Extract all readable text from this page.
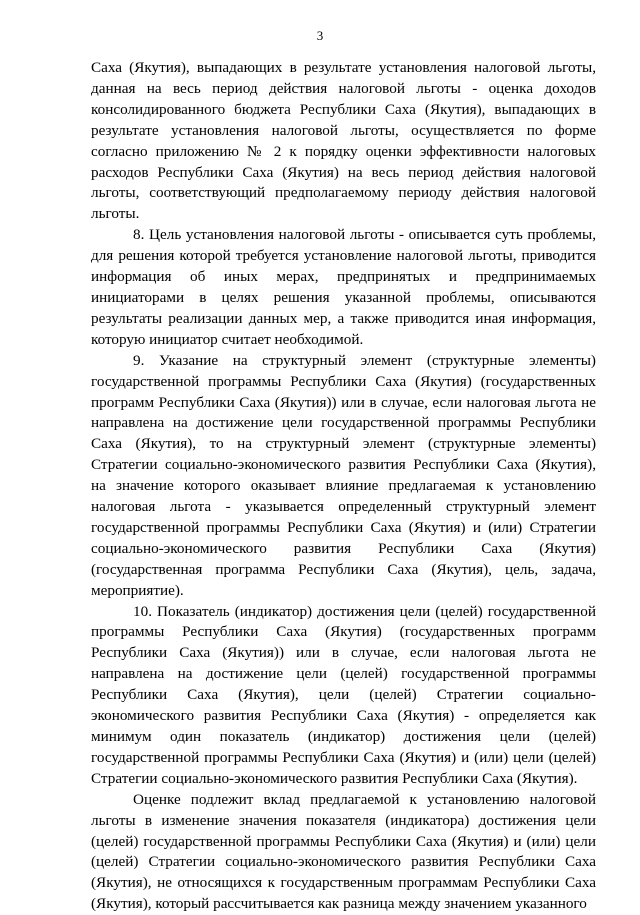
3

Саха (Якутия), выпадающих в результате установления налоговой льготы, данная на весь период действия налоговой льготы - оценка доходов консолидированного бюджета Республики Саха (Якутия), выпадающих в результате установления налоговой льготы, осуществляется по форме согласно приложению № 2 к порядку оценки эффективности налоговых расходов Республики Саха (Якутия) на весь период действия налоговой льготы, соответствующий предполагаемому периоду действия налоговой льготы.

8. Цель установления налоговой льготы - описывается суть проблемы, для решения которой требуется установление налоговой льготы, приводится информация об иных мерах, предпринятых и предпринимаемых инициаторами в целях решения указанной проблемы, описываются результаты реализации данных мер, а также приводится иная информация, которую инициатор считает необходимой.

9. Указание на структурный элемент (структурные элементы) государственной программы Республики Саха (Якутия) (государственных программ Республики Саха (Якутия)) или в случае, если налоговая льгота не направлена на достижение цели государственной программы Республики Саха (Якутия), то на структурный элемент (структурные элементы) Стратегии социально-экономического развития Республики Саха (Якутия), на значение которого оказывает влияние предлагаемая к установлению налоговая льгота - указывается определенный структурный элемент государственной программы Республики Саха (Якутия) и (или) Стратегии социально-экономического развития Республики Саха (Якутия) (государственная программа Республики Саха (Якутия), цель, задача, мероприятие).

10. Показатель (индикатор) достижения цели (целей) государственной программы Республики Саха (Якутия) (государственных программ Республики Саха (Якутия)) или в случае, если налоговая льгота не направлена на достижение цели (целей) государственной программы Республики Саха (Якутия), цели (целей) Стратегии социально-экономического развития Республики Саха (Якутия) - определяется как минимум один показатель (индикатор) достижения цели (целей) государственной программы Республики Саха (Якутия) и (или) цели (целей) Стратегии социально-экономического развития Республики Саха (Якутия).

Оценке подлежит вклад предлагаемой к установлению налоговой льготы в изменение значения показателя (индикатора) достижения цели (целей) государственной программы Республики Саха (Якутия) и (или) цели (целей) Стратегии социально-экономического развития Республики Саха (Якутия), не относящихся к государственным программам Республики Саха (Якутия), который рассчитывается как разница между значением указанного
